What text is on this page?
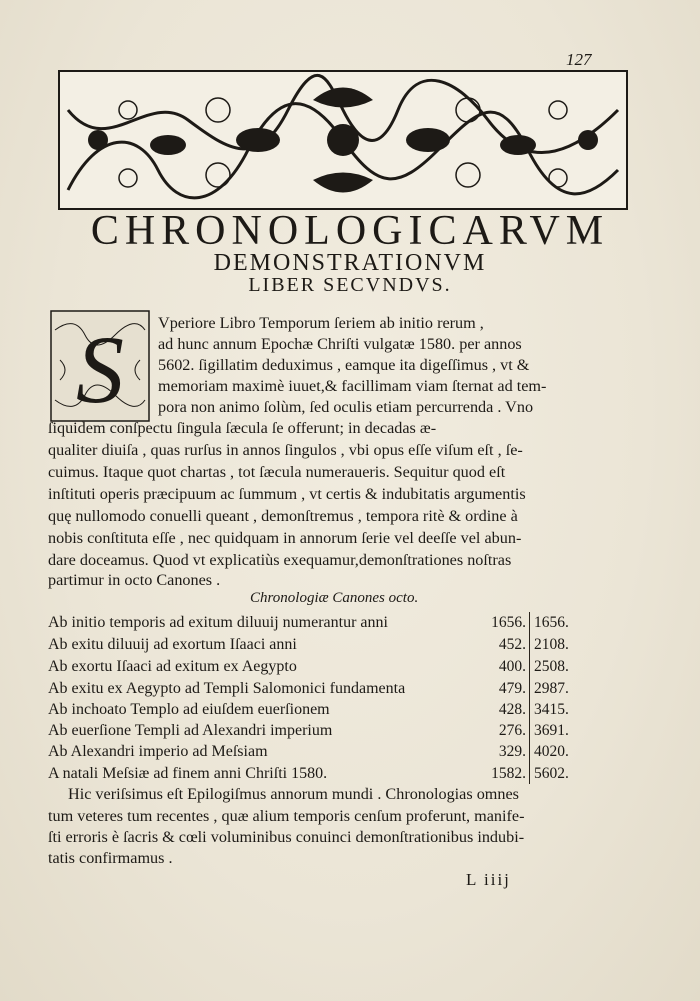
127
CHRONOLOGICARVM
DEMONSTRATIONVM
LIBER SECVNDVS.
S Vperiore Libro Temporum ſeriem ab initio rerum ,
ad hunc annum Epochæ Chriſti vulgatæ 1580. per annos
5602. ſigillatim deduximus , eamque ita digeſſimus , vt &
memoriam maximè iuuet,& facillimam viam ſternat ad tem-
pora non animo ſolùm, ſed oculis etiam percurrenda . Vno
ſiquidem conſpectu ſingula ſæcula ſe offerunt; in decadas æ-
qualiter diuiſa , quas rurſus in annos ſingulos , vbi opus eſſe viſum eſt , ſe-
cuimus. Itaque quot chartas , tot ſæcula numeraueris. Sequitur quod eſt
inſtituti operis præcipuum ac ſummum , vt certis & indubitatis argumentis
quę nullomodo conuelli queant , demonſtremus , tempora ritè & ordine à
nobis conſtituta eſſe , nec quidquam in annorum ſerie vel deeſſe vel abun-
dare doceamus. Quod vt explicatiùs exequamur,demonſtrationes noſtras
partimur in octo Canones .
Chronologiæ Canones octo.
Ab initio temporis ad exitum diluuij numerantur anni	1656. 1656.
Ab exitu diluuij ad exortum Iſaaci anni	452. 2108.
Ab exortu Iſaaci ad exitum ex Aegypto	400. 2508.
Ab exitu ex Aegypto ad Templi Salomonici fundamenta	479. 2987.
Ab inchoato Templo ad eiuſdem euerſionem	428. 3415.
Ab euerſione Templi ad Alexandri imperium	276. 3691.
Ab Alexandri imperio ad Meſsiam	329. 4020.
A natali Meſsiæ ad finem anni Chriſti 1580.	1582. 5602.
Hic veriſsimus eſt Epilogiſmus annorum mundi . Chronologias omnes
tum veteres tum recentes , quæ alium temporis cenſum proferunt, manife-
ſti erroris è ſacris & cœli voluminibus conuinci demonſtrationibus indubi-
tatis confirmamus .
L iiij
